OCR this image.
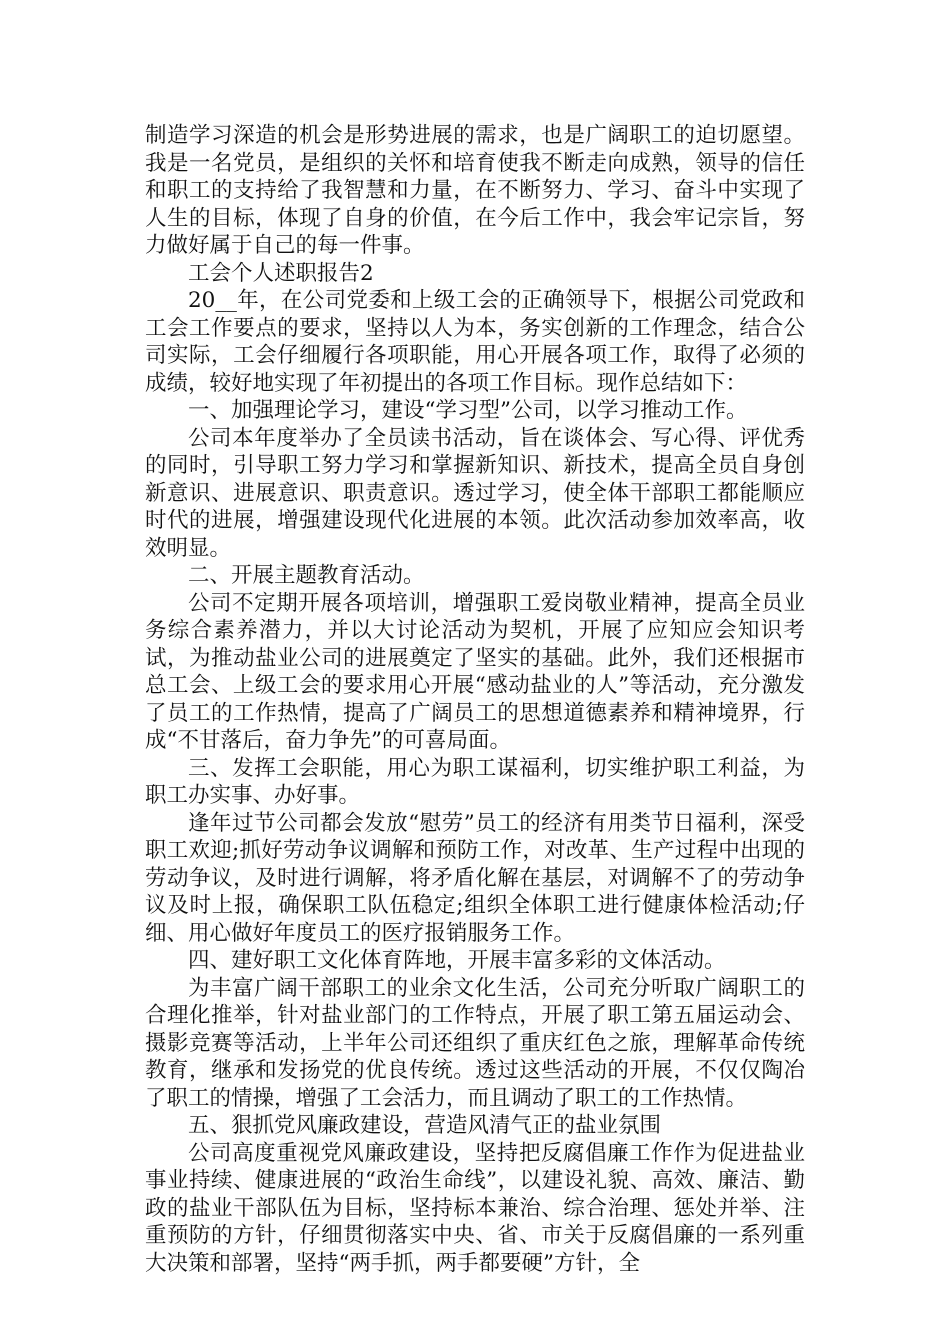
制造学习深造的机会是形势进展的需求，也是广阔职工的迫切愿望。我是一名党员，是组织的关怀和培育使我不断走向成熟，领导的信任和职工的支持给了我智慧和力量，在不断努力、学习、奋斗中实现了人生的目标，体现了自身的价值，在今后工作中，我会牢记宗旨，努力做好属于自己的每一件事。

工会个人述职报告2

20__年，在公司党委和上级工会的正确领导下，根据公司党政和工会工作要点的要求，坚持以人为本，务实创新的工作理念，结合公司实际，工会仔细履行各项职能，用心开展各项工作，取得了必须的成绩，较好地实现了年初提出的各项工作目标。现作总结如下：

一、加强理论学习，建设“学习型”公司，以学习推动工作。

公司本年度举办了全员读书活动，旨在谈体会、写心得、评优秀的同时，引导职工努力学习和掌握新知识、新技术，提高全员自身创新意识、进展意识、职责意识。透过学习，使全体干部职工都能顺应时代的进展，增强建设现代化进展的本领。此次活动参加效率高，收效明显。

二、开展主题教育活动。

公司不定期开展各项培训，增强职工爱岗敬业精神，提高全员业务综合素养潜力，并以大讨论活动为契机，开展了应知应会知识考试，为推动盐业公司的进展奠定了坚实的基础。此外，我们还根据市总工会、上级工会的要求用心开展“感动盐业的人”等活动，充分激发了员工的工作热情，提高了广阔员工的思想道德素养和精神境界，行成“不甘落后，奋力争先”的可喜局面。

三、发挥工会职能，用心为职工谋福利，切实维护职工利益，为职工办实事、办好事。

逢年过节公司都会发放“慰劳”员工的经济有用类节日福利，深受职工欢迎;抓好劳动争议调解和预防工作，对改革、生产过程中出现的劳动争议，及时进行调解，将矛盾化解在基层，对调解不了的劳动争议及时上报，确保职工队伍稳定;组织全体职工进行健康体检活动;仔细、用心做好年度员工的医疗报销服务工作。

四、建好职工文化体育阵地，开展丰富多彩的文体活动。

为丰富广阔干部职工的业余文化生活，公司充分听取广阔职工的合理化推举，针对盐业部门的工作特点，开展了职工第五届运动会、摄影竞赛等活动，上半年公司还组织了重庆红色之旅，理解革命传统教育，继承和发扬党的优良传统。透过这些活动的开展，不仅仅陶冶了职工的情操，增强了工会活力，而且调动了职工的工作热情。

五、狠抓党风廉政建设，营造风清气正的盐业氛围

公司高度重视党风廉政建设，坚持把反腐倡廉工作作为促进盐业事业持续、健康进展的“政治生命线”，以建设礼貌、高效、廉洁、勤政的盐业干部队伍为目标，坚持标本兼治、综合治理、惩处并举、注重预防的方针，仔细贯彻落实中央、省、市关于反腐倡廉的一系列重大决策和部署，坚持“两手抓，两手都要硬”方针，全
